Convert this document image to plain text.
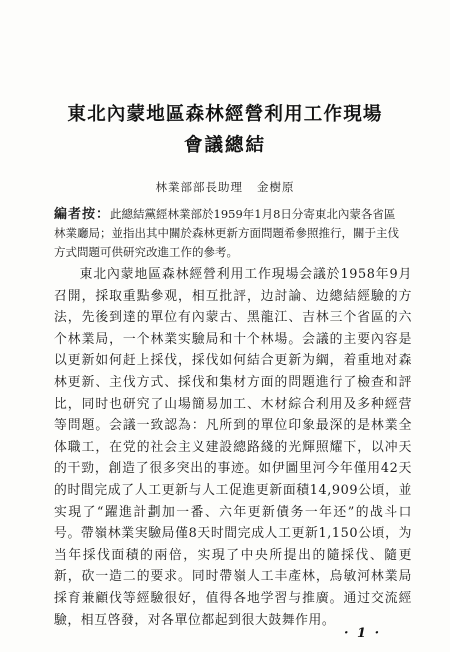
東北內蒙地區森林經營利用工作現場
會議總結
林業部部長助理 金樹原
編者按：此總結黨經林業部於1959年1月8日分寄東北內蒙各省區林業廳局；並指出其中關於森林更新方面問題希參照推行，關于主伐方式問題可供研究改進工作的參考。

東北內蒙地區森林經營利用工作現場会議於1958年9月召開，採取重點參观，相互批評，边討論、边總結經驗的方法，先後到達的單位有內蒙古、黑龍江、吉林三个省區的六个林業局，一个林業实驗局和十个林場。会議的主要內容是以更新如何赶上採伐，採伐如何結合更新为綱，着重地对森林更新、主伐方式、採伐和集材方面的問題進行了檢查和評比，同时也研究了山場簡易加工、木材綜合利用及多种經营等問題。会議一致認為：凡所到的單位印象最深的是林業全体職工，在党的社会主义建設總路綫的光輝照耀下，以冲天的干勁，創造了很多突出的事迹。如伊圖里河今年僅用42天的时間完成了人工更新与人工促進更新面積14,909公頃，並实現了“躍進計劃加一番、六年更新債务一年还”的战斗口号。帶嶺林業実驗局僅8天时間完成人工更新1,150公頃，为当年採伐面積的兩倍，实現了中央所提出的隨採伐、隨更新，砍一造二的要求。同时帶嶺人工丰產林，烏敏河林業局採育兼顧伐等經驗很好，值得各地学習与推廣。通过交流經驗，相互啓發，对各單位都起到很大鼓舞作用。

· 1 ·
